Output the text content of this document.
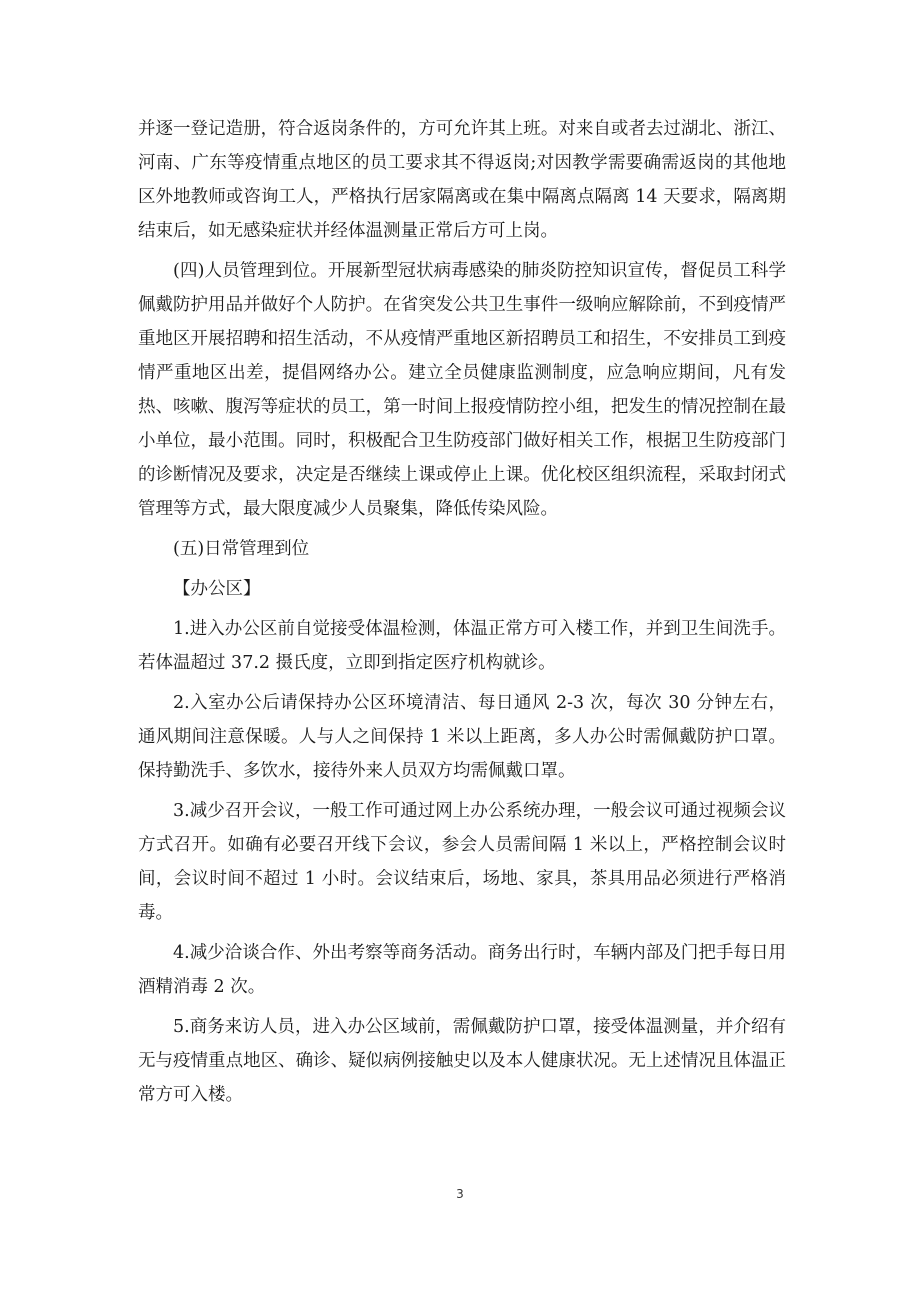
并逐一登记造册，符合返岗条件的，方可允许其上班。对来自或者去过湖北、浙江、河南、广东等疫情重点地区的员工要求其不得返岗;对因教学需要确需返岗的其他地区外地教师或咨询工人，严格执行居家隔离或在集中隔离点隔离 14 天要求，隔离期结束后，如无感染症状并经体温测量正常后方可上岗。

(四)人员管理到位。开展新型冠状病毒感染的肺炎防控知识宣传，督促员工科学佩戴防护用品并做好个人防护。在省突发公共卫生事件一级响应解除前，不到疫情严重地区开展招聘和招生活动，不从疫情严重地区新招聘员工和招生，不安排员工到疫情严重地区出差，提倡网络办公。建立全员健康监测制度，应急响应期间，凡有发热、咳嗽、腹泻等症状的员工，第一时间上报疫情防控小组，把发生的情况控制在最小单位，最小范围。同时，积极配合卫生防疫部门做好相关工作，根据卫生防疫部门的诊断情况及要求，决定是否继续上课或停止上课。优化校区组织流程，采取封闭式管理等方式，最大限度减少人员聚集，降低传染风险。

(五)日常管理到位

【办公区】

1.进入办公区前自觉接受体温检测，体温正常方可入楼工作，并到卫生间洗手。若体温超过 37.2 摄氏度，立即到指定医疗机构就诊。

2.入室办公后请保持办公区环境清洁、每日通风 2-3 次，每次 30 分钟左右，通风期间注意保暖。人与人之间保持 1 米以上距离，多人办公时需佩戴防护口罩。保持勤洗手、多饮水，接待外来人员双方均需佩戴口罩。

3.减少召开会议，一般工作可通过网上办公系统办理，一般会议可通过视频会议方式召开。如确有必要召开线下会议，参会人员需间隔 1 米以上，严格控制会议时间，会议时间不超过 1 小时。会议结束后，场地、家具，茶具用品必须进行严格消毒。

4.减少洽谈合作、外出考察等商务活动。商务出行时，车辆内部及门把手每日用酒精消毒 2 次。

5.商务来访人员，进入办公区域前，需佩戴防护口罩，接受体温测量，并介绍有无与疫情重点地区、确诊、疑似病例接触史以及本人健康状况。无上述情况且体温正常方可入楼。

3
